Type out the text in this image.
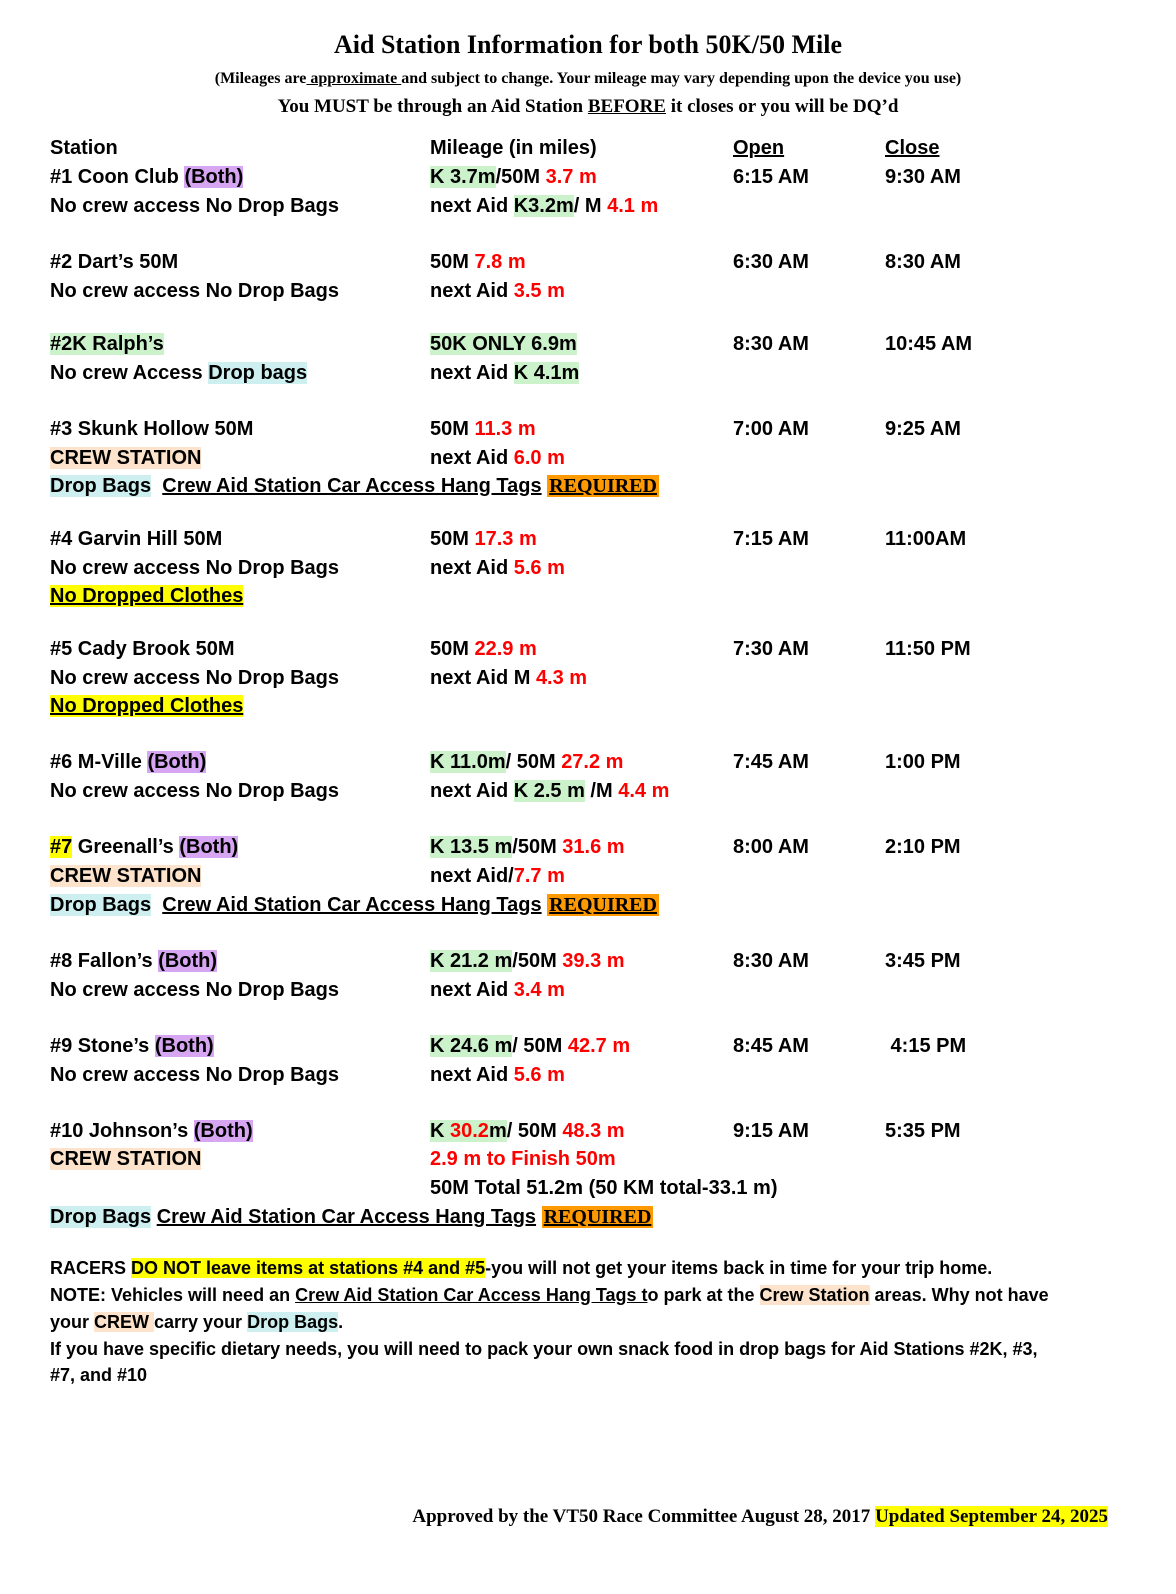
Aid Station Information for both 50K/50 Mile
(Mileages are approximate and subject to change. Your mileage may vary depending upon the device you use)
You MUST be through an Aid Station BEFORE it closes or you will be DQ’d
Station	Mileage (in miles)	Open	Close
#1 Coon Club (Both)	K 3.7m/50M 3.7 m	6:15 AM	9:30 AM
No crew access No Drop Bags	next Aid K3.2m/ M 4.1 m
#2 Dart’s 50M	50M 7.8 m	6:30 AM	8:30 AM
No crew access No Drop Bags	next Aid 3.5 m
#2K Ralph’s	50K ONLY 6.9m	8:30 AM	10:45 AM
No crew Access Drop bags	next Aid K 4.1m
#3 Skunk Hollow 50M	50M 11.3 m	7:00 AM	9:25 AM
CREW STATION	next Aid 6.0 m
Drop Bags Crew Aid Station Car Access Hang Tags REQUIRED
#4 Garvin Hill 50M	50M 17.3 m	7:15 AM	11:00AM
No crew access No Drop Bags	next Aid 5.6 m
No Dropped Clothes
#5 Cady Brook 50M	50M 22.9 m	7:30 AM	11:50 PM
No crew access No Drop Bags	next Aid M 4.3 m
No Dropped Clothes
#6 M-Ville (Both)	K 11.0m/ 50M 27.2 m	7:45 AM	1:00 PM
No crew access No Drop Bags	next Aid K 2.5 m /M 4.4 m
#7 Greenall’s (Both)	K 13.5 m/50M 31.6 m	8:00 AM	2:10 PM
CREW STATION	next Aid/7.7 m
Drop Bags Crew Aid Station Car Access Hang Tags REQUIRED
#8 Fallon’s (Both)	K 21.2 m/50M 39.3 m	8:30 AM	3:45 PM
No crew access No Drop Bags	next Aid 3.4 m
#9 Stone’s (Both)	K 24.6 m/ 50M 42.7 m	8:45 AM	4:15 PM
No crew access No Drop Bags	next Aid 5.6 m
#10 Johnson’s (Both)	K 30.2m/ 50M 48.3 m	9:15 AM	5:35 PM
CREW STATION	2.9 m to Finish 50m
50M Total 51.2m (50 KM total-33.1 m)
Drop Bags Crew Aid Station Car Access Hang Tags REQUIRED
RACERS DO NOT leave items at stations #4 and #5-you will not get your items back in time for your trip home.
NOTE: Vehicles will need an Crew Aid Station Car Access Hang Tags to park at the Crew Station areas. Why not have
your CREW carry your Drop Bags.
If you have specific dietary needs, you will need to pack your own snack food in drop bags for Aid Stations #2K, #3,
#7, and #10
Approved by the VT50 Race Committee August 28, 2017 Updated September 24, 2025
